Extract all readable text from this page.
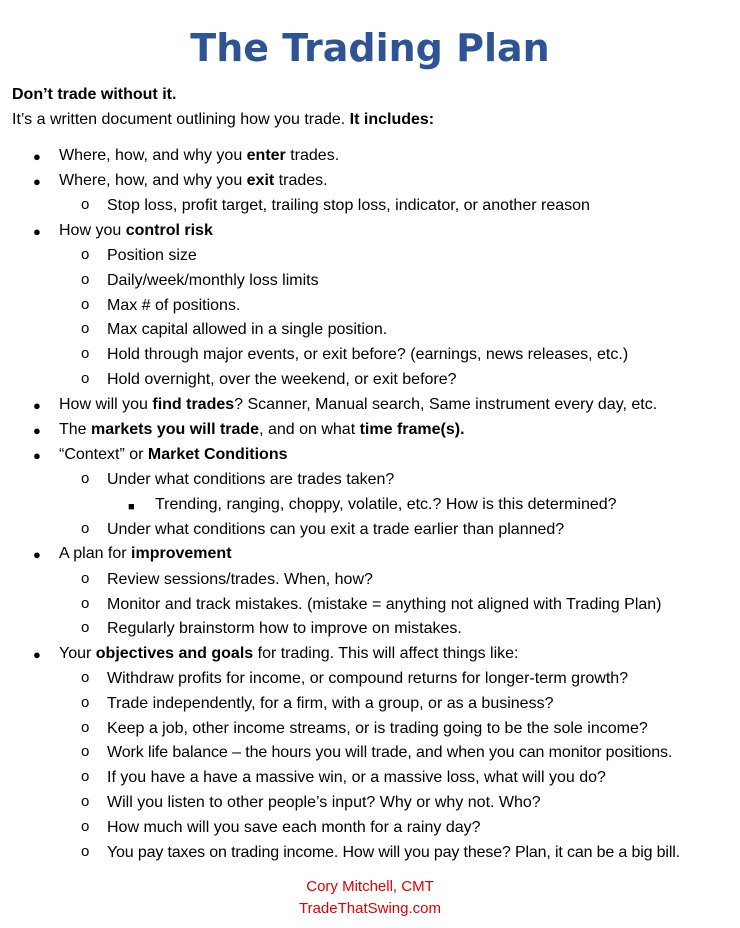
The Trading Plan
Don’t trade without it.
It’s a written document outlining how you trade. It includes:
● Where, how, and why you enter trades.
● Where, how, and why you exit trades.
o Stop loss, profit target, trailing stop loss, indicator, or another reason
● How you control risk
o Position size
o Daily/week/monthly loss limits
o Max # of positions.
o Max capital allowed in a single position.
o Hold through major events, or exit before? (earnings, news releases, etc.)
o Hold overnight, over the weekend, or exit before?
● How will you find trades? Scanner, Manual search, Same instrument every day, etc.
● The markets you will trade, and on what time frame(s).
● “Context” or Market Conditions
o Under what conditions are trades taken?
■ Trending, ranging, choppy, volatile, etc.? How is this determined?
o Under what conditions can you exit a trade earlier than planned?
● A plan for improvement
o Review sessions/trades. When, how?
o Monitor and track mistakes. (mistake = anything not aligned with Trading Plan)
o Regularly brainstorm how to improve on mistakes.
● Your objectives and goals for trading. This will affect things like:
o Withdraw profits for income, or compound returns for longer-term growth?
o Trade independently, for a firm, with a group, or as a business?
o Keep a job, other income streams, or is trading going to be the sole income?
o Work life balance – the hours you will trade, and when you can monitor positions.
o If you have a have a massive win, or a massive loss, what will you do?
o Will you listen to other people’s input? Why or why not. Who?
o How much will you save each month for a rainy day?
o You pay taxes on trading income. How will you pay these? Plan, it can be a big bill.
Cory Mitchell, CMT
TradeThatSwing.com
